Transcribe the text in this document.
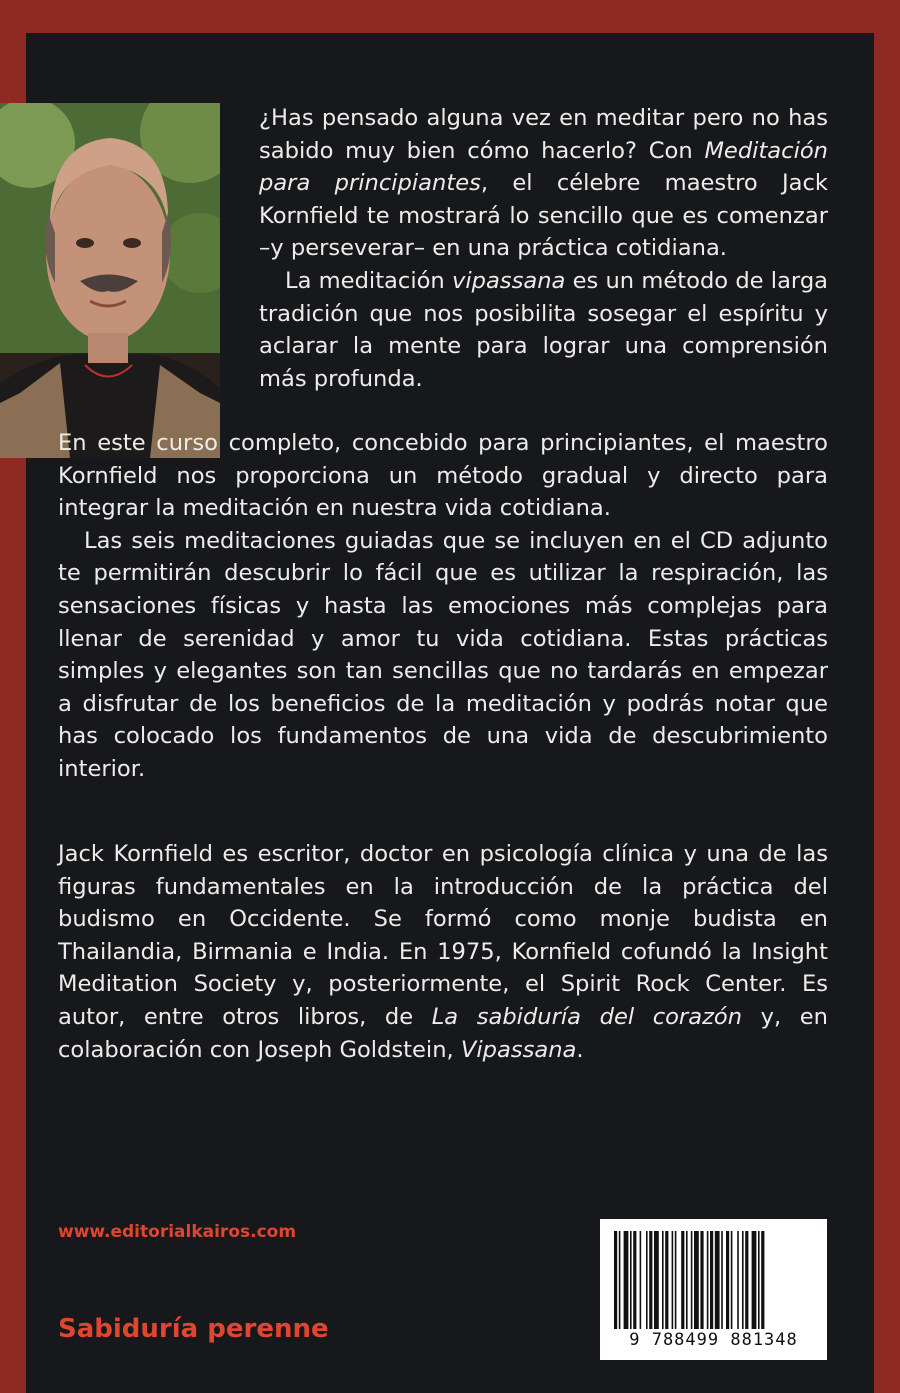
¿Has pensado alguna vez en meditar pero no has sabido muy bien cómo hacerlo? Con Meditación para principiantes, el célebre maestro Jack Kornfield te mostrará lo sencillo que es comenzar –y perseverar– en una práctica cotidiana.

La meditación vipassana es un método de larga tradición que nos posibilita sosegar el espíritu y aclarar la mente para lograr una comprensión más profunda.

En este curso completo, concebido para principiantes, el maestro Kornfield nos proporciona un método gradual y directo para integrar la meditación en nuestra vida cotidiana.

Las seis meditaciones guiadas que se incluyen en el CD adjunto te permitirán descubrir lo fácil que es utilizar la respiración, las sensaciones físicas y hasta las emociones más complejas para llenar de serenidad y amor tu vida cotidiana. Estas prácticas simples y elegantes son tan sencillas que no tardarás en empezar a disfrutar de los beneficios de la meditación y podrás notar que has colocado los fundamentos de una vida de descubrimiento interior.

Jack Kornfield es escritor, doctor en psicología clínica y una de las figuras fundamentales en la introducción de la práctica del budismo en Occidente. Se formó como monje budista en Thailandia, Birmania e India. En 1975, Kornfield cofundó la Insight Meditation Society y, posteriormente, el Spirit Rock Center. Es autor, entre otros libros, de La sabiduría del corazón y, en colaboración con Joseph Goldstein, Vipassana.

www.editorialkairos.com
Sabiduría perenne	9 788499 881348
